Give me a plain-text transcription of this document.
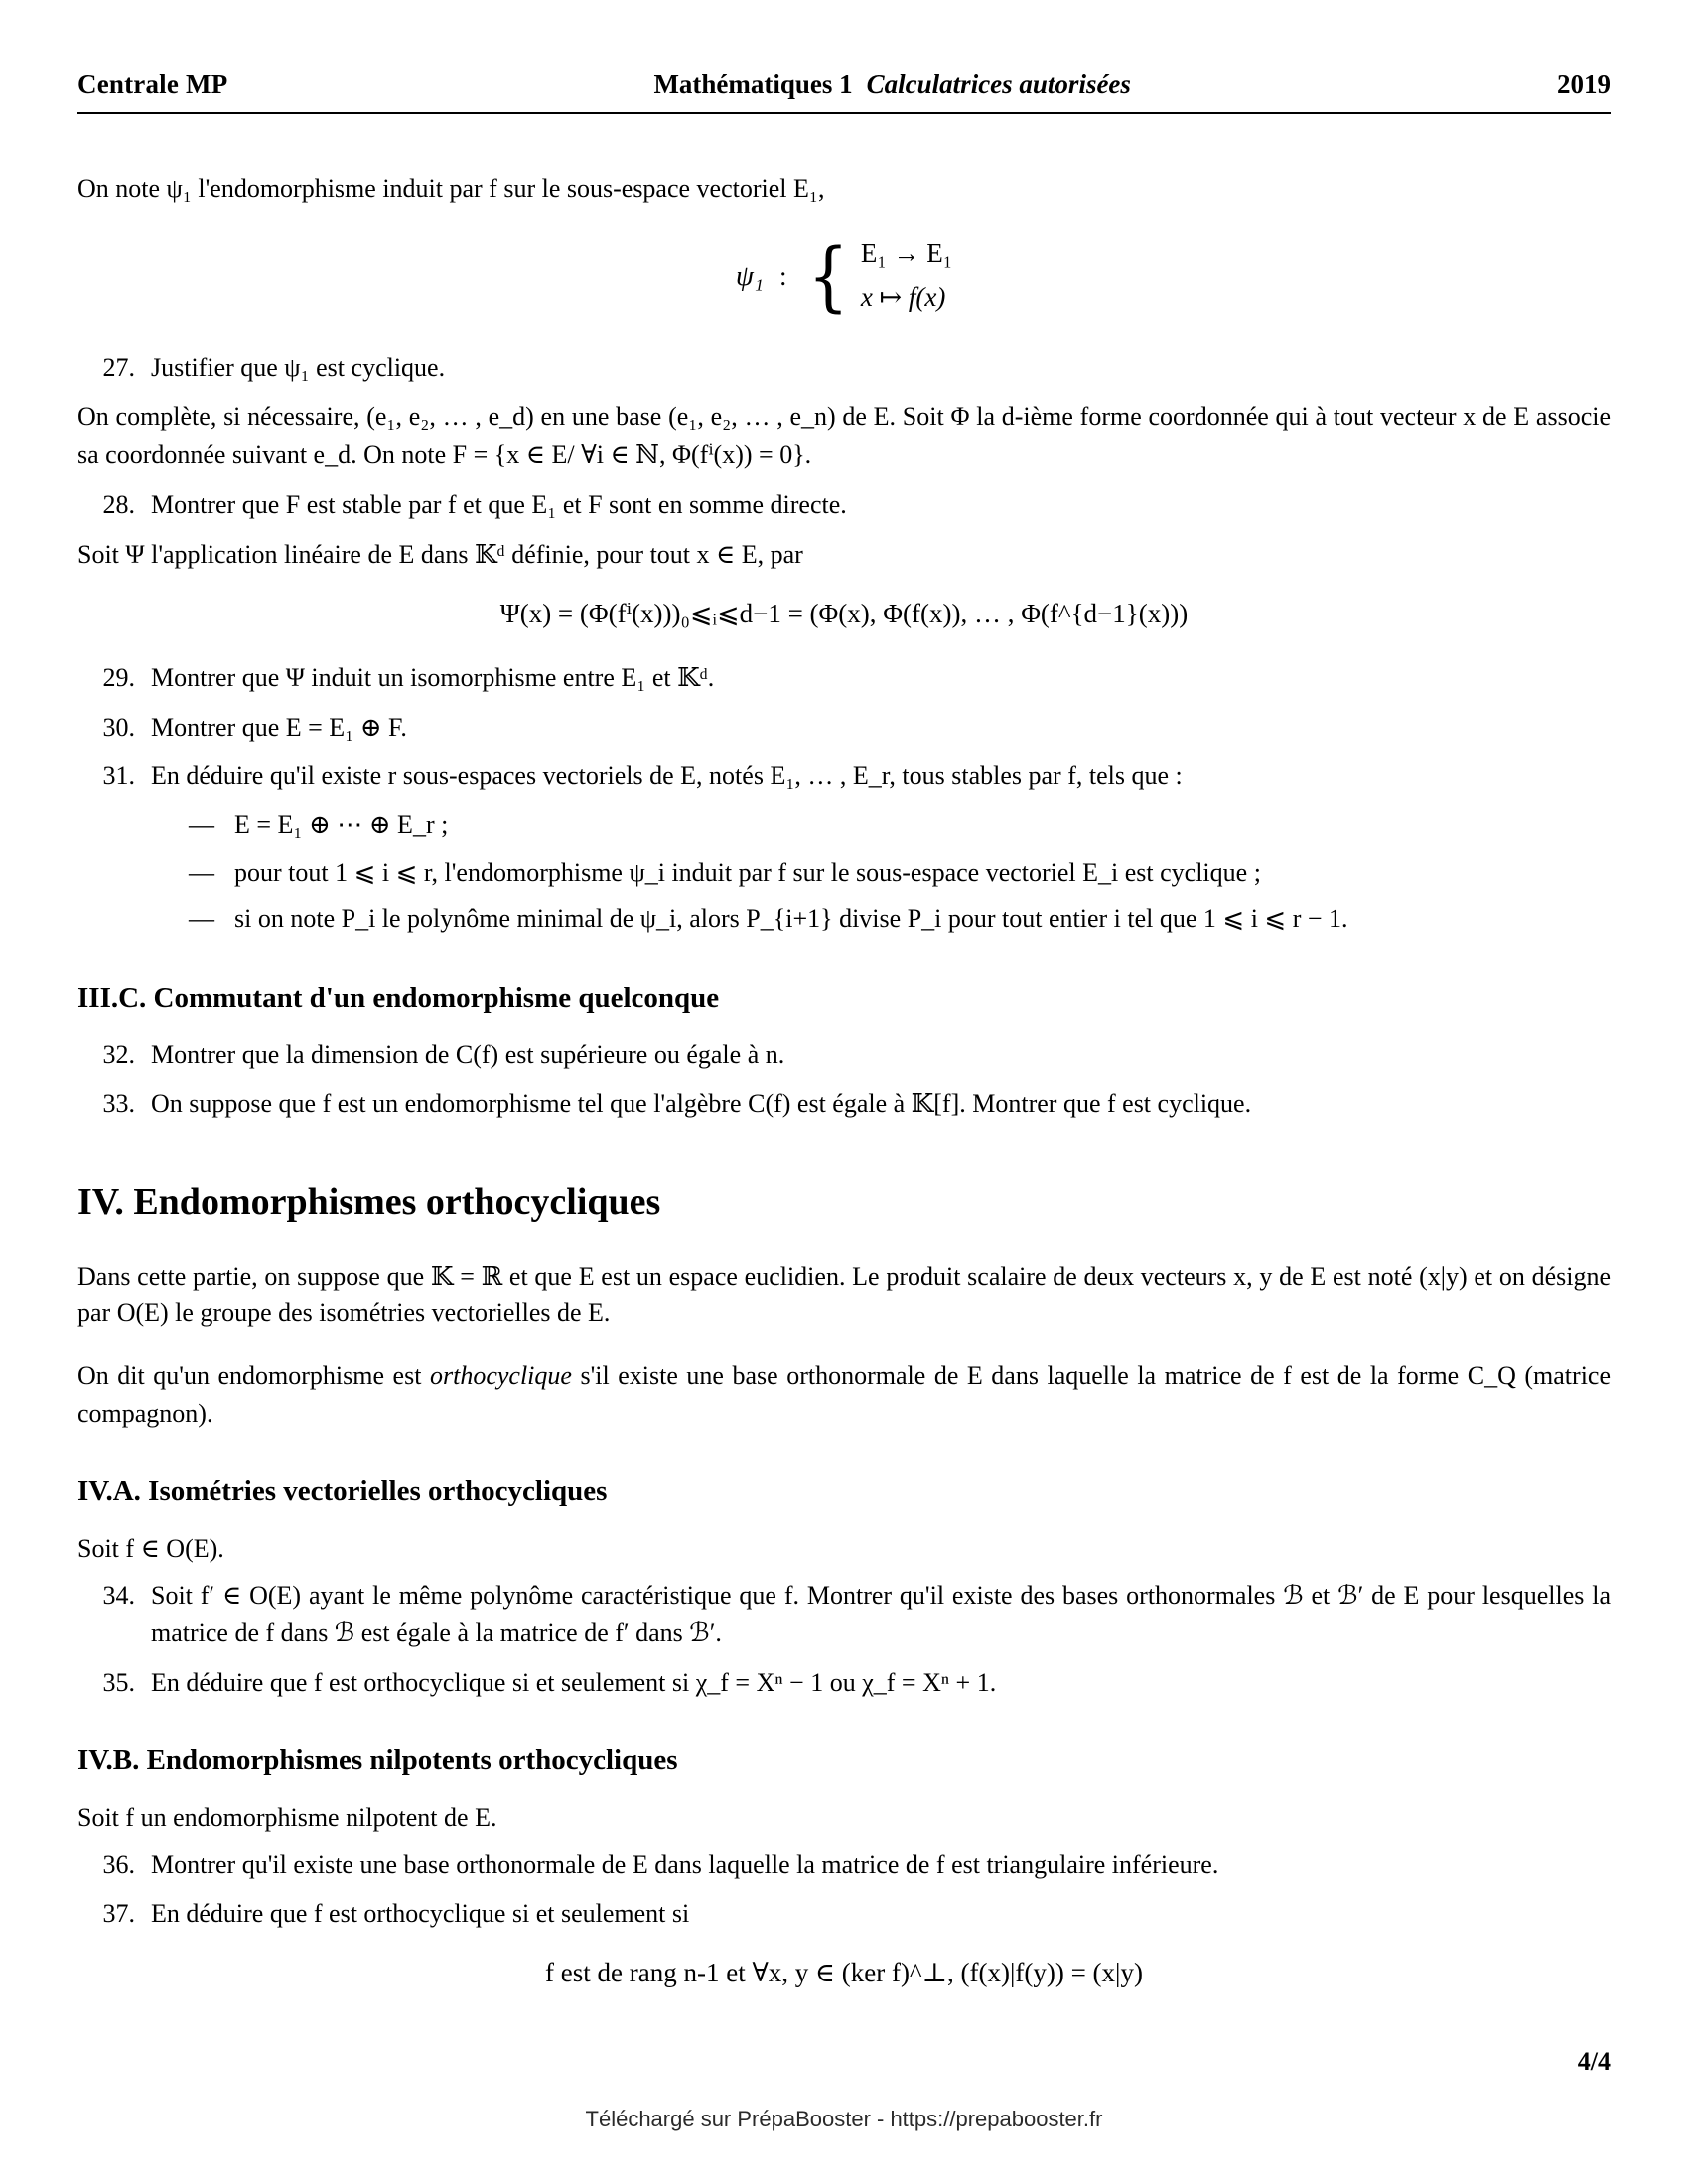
Centrale MP	Mathématiques 1 Calculatrices autorisées	2019

On note ψ₁ l'endomorphisme induit par f sur le sous-espace vectoriel E₁,

ψ₁ : { E₁ → E₁
x ↦ f(x)
27. Justifier que ψ₁ est cyclique.

On complète, si nécessaire, (e₁, e₂, … , e_d) en une base (e₁, e₂, … , e_n) de E. Soit Φ la d-ième forme coordonnée qui à tout vecteur x de E associe sa coordonnée suivant e_d. On note F = {x ∈ E/ ∀i ∈ ℕ, Φ(fⁱ(x)) = 0}.

28. Montrer que F est stable par f et que E₁ et F sont en somme directe.

Soit Ψ l'application linéaire de E dans 𝕂ᵈ définie, pour tout x ∈ E, par

Ψ(x) = (Φ(fⁱ(x)))₀⩽ᵢ⩽d−1 = (Φ(x), Φ(f(x)), … , Φ(f^{d−1}(x)))
29. Montrer que Ψ induit un isomorphisme entre E₁ et 𝕂ᵈ.
30. Montrer que E = E₁ ⊕ F.
31. En déduire qu'il existe r sous-espaces vectoriels de E, notés E₁, … , E_r, tous stables par f, tels que :
— E = E₁ ⊕ ⋯ ⊕ E_r ;
— pour tout 1 ⩽ i ⩽ r, l'endomorphisme ψ_i induit par f sur le sous-espace vectoriel E_i est cyclique ;
— si on note P_i le polynôme minimal de ψ_i, alors P_{i+1} divise P_i pour tout entier i tel que 1 ⩽ i ⩽ r − 1.
III.C. Commutant d'un endomorphisme quelconque
32. Montrer que la dimension de C(f) est supérieure ou égale à n.
33. On suppose que f est un endomorphisme tel que l'algèbre C(f) est égale à 𝕂[f]. Montrer que f est cyclique.
IV. Endomorphismes orthocycliques

Dans cette partie, on suppose que 𝕂 = ℝ et que E est un espace euclidien. Le produit scalaire de deux vecteurs x, y de E est noté (x|y) et on désigne par O(E) le groupe des isométries vectorielles de E.

On dit qu'un endomorphisme est orthocyclique s'il existe une base orthonormale de E dans laquelle la matrice de f est de la forme C_Q (matrice compagnon).

IV.A. Isométries vectorielles orthocycliques

Soit f ∈ O(E).

34. Soit f′ ∈ O(E) ayant le même polynôme caractéristique que f. Montrer qu'il existe des bases orthonormales ℬ et ℬ′ de E pour lesquelles la matrice de f dans ℬ est égale à la matrice de f′ dans ℬ′.
35. En déduire que f est orthocyclique si et seulement si χ_f = Xⁿ − 1 ou χ_f = Xⁿ + 1.
IV.B. Endomorphismes nilpotents orthocycliques

Soit f un endomorphisme nilpotent de E.

36. Montrer qu'il existe une base orthonormale de E dans laquelle la matrice de f est triangulaire inférieure.
37. En déduire que f est orthocyclique si et seulement si
f est de rang n-1 et ∀x, y ∈ (ker f)^⊥, (f(x)|f(y)) = (x|y)
4/4
Téléchargé sur PrépaBooster - https://prepabooster.fr
